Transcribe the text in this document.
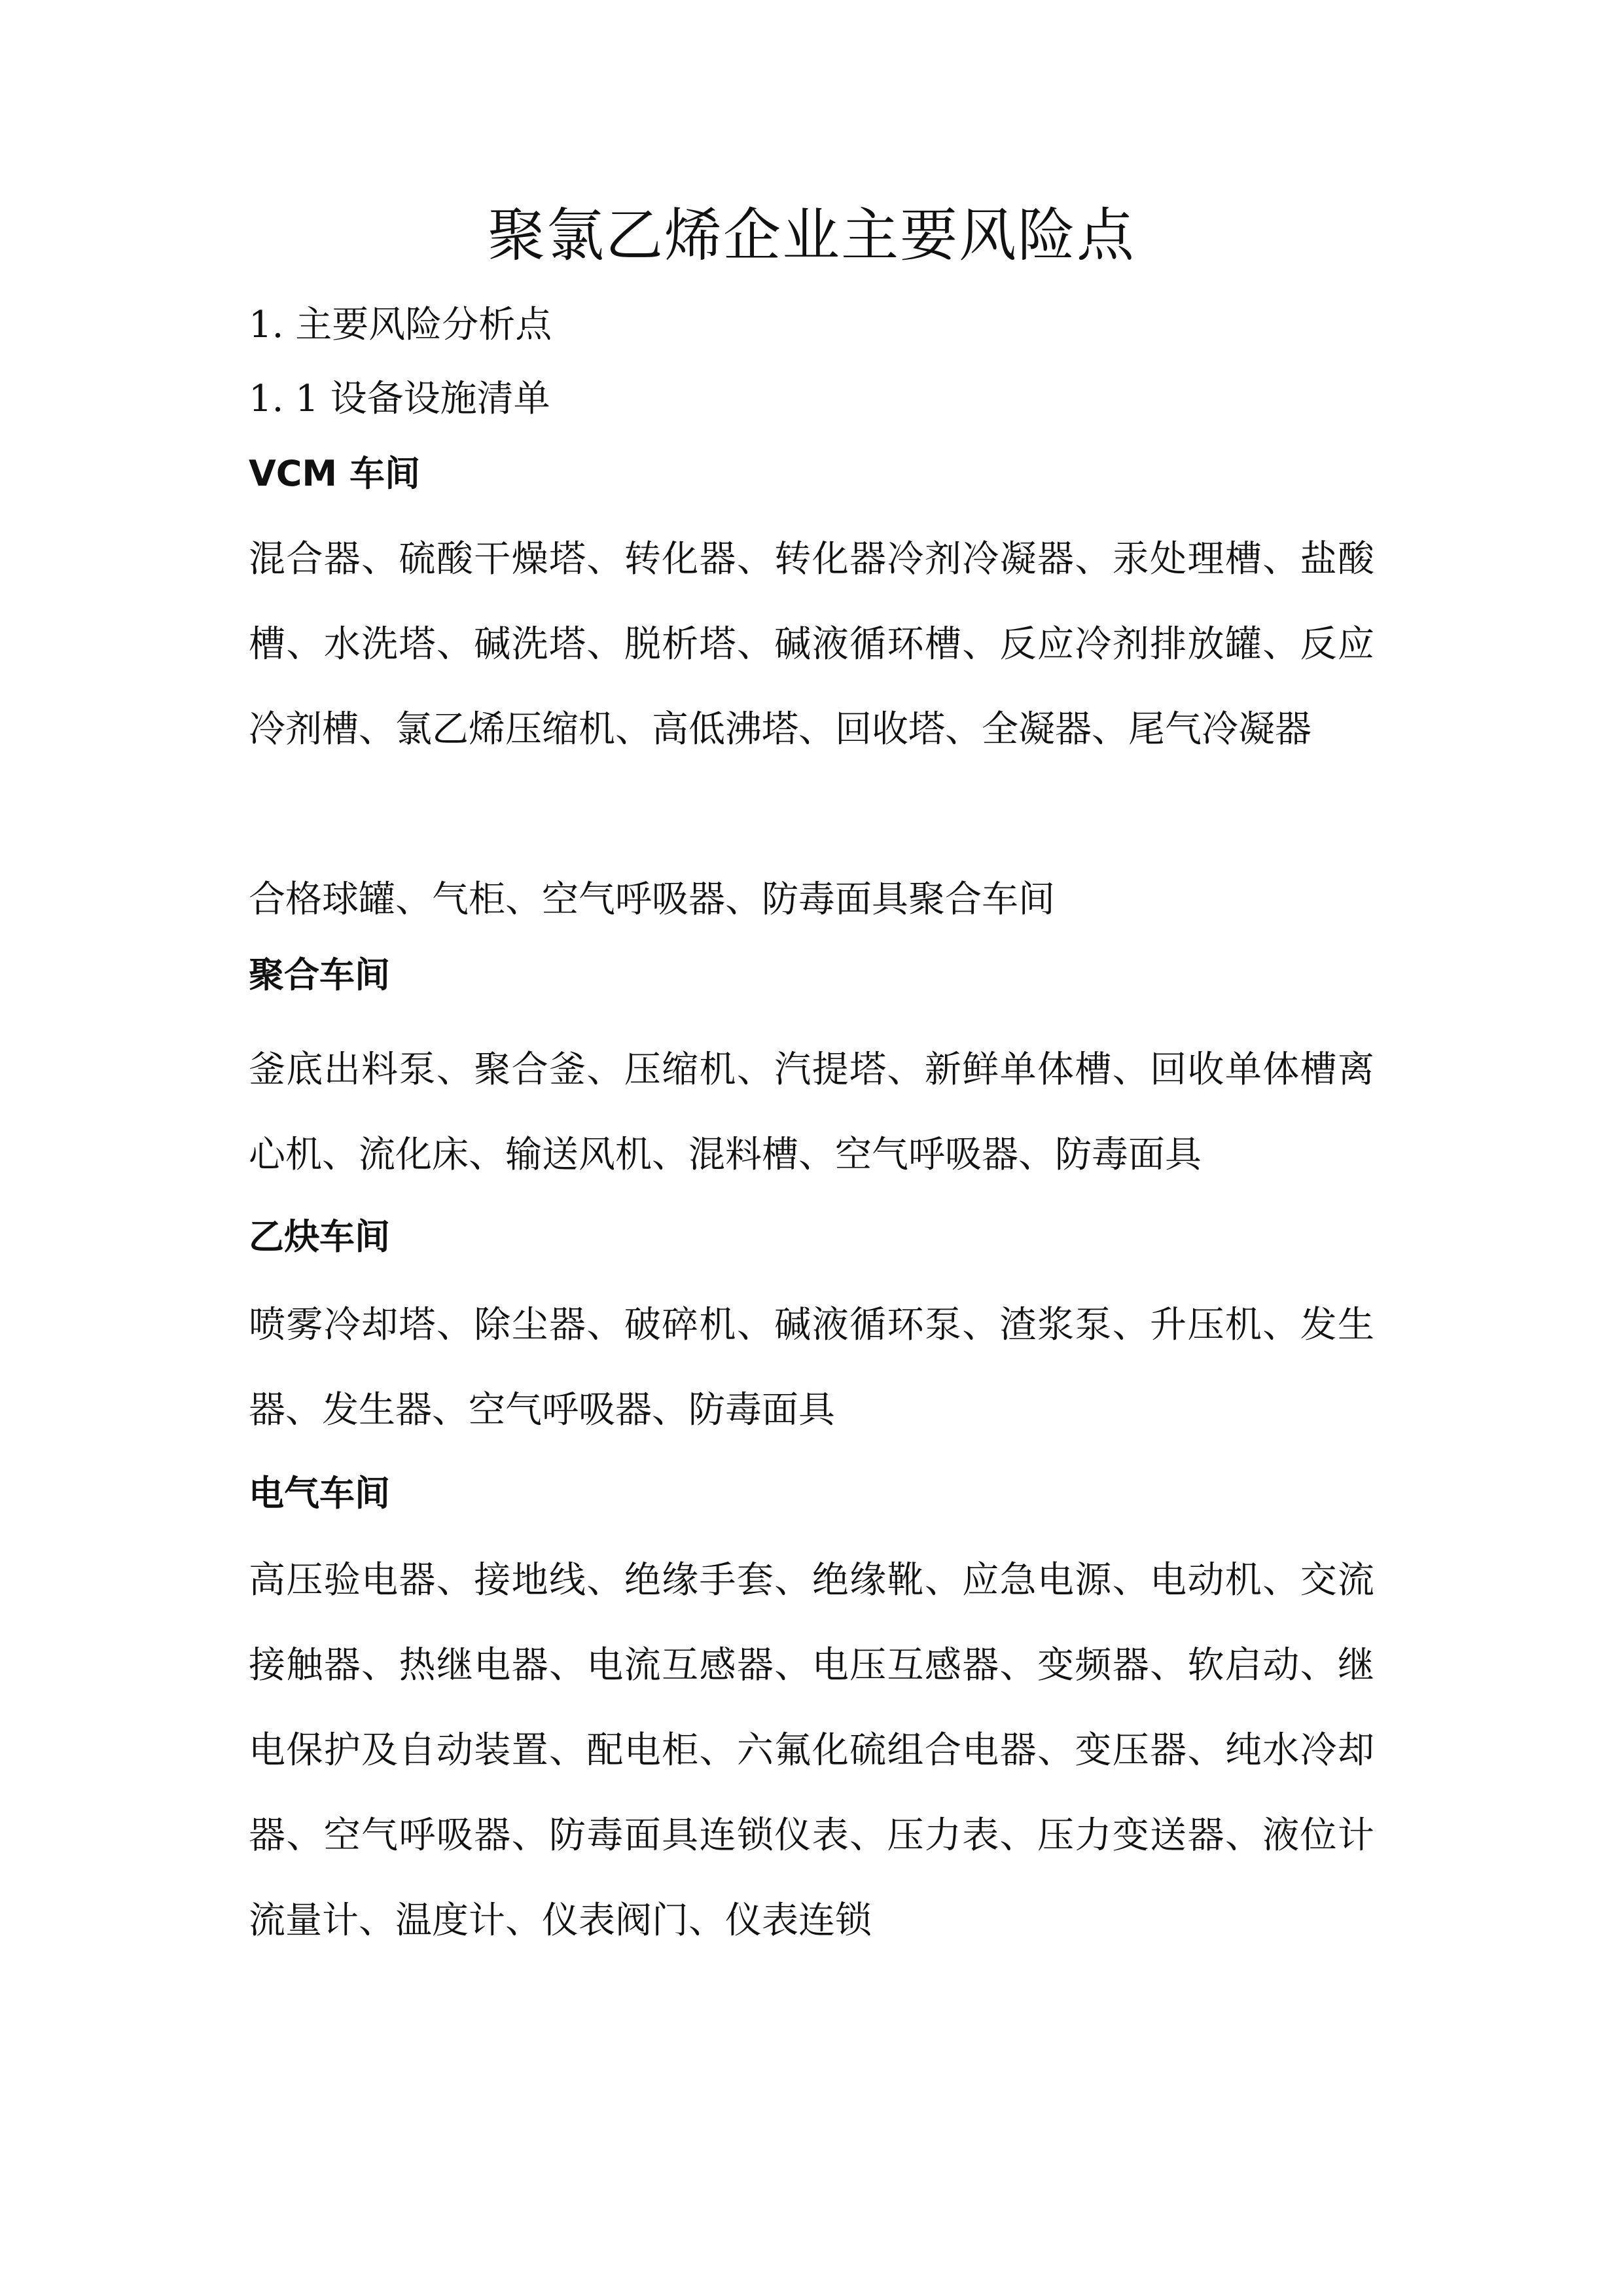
聚氯乙烯企业主要风险点

1. 主要风险分析点

1. 1 设备设施清单

VCM 车间

混合器、硫酸干燥塔、转化器、转化器冷剂冷凝器、汞处理槽、盐酸槽、水洗塔、碱洗塔、脱析塔、碱液循环槽、反应冷剂排放罐、反应冷剂槽、氯乙烯压缩机、高低沸塔、回收塔、全凝器、尾气冷凝器

合格球罐、气柜、空气呼吸器、防毒面具聚合车间

聚合车间

釜底出料泵、聚合釜、压缩机、汽提塔、新鲜单体槽、回收单体槽离心机、流化床、输送风机、混料槽、空气呼吸器、防毒面具

乙炔车间

喷雾冷却塔、除尘器、破碎机、碱液循环泵、渣浆泵、升压机、发生器、发生器、空气呼吸器、防毒面具

电气车间

高压验电器、接地线、绝缘手套、绝缘靴、应急电源、电动机、交流接触器、热继电器、电流互感器、电压互感器、变频器、软启动、继电保护及自动装置、配电柜、六氟化硫组合电器、变压器、纯水冷却器、空气呼吸器、防毒面具连锁仪表、压力表、压力变送器、液位计流量计、温度计、仪表阀门、仪表连锁
